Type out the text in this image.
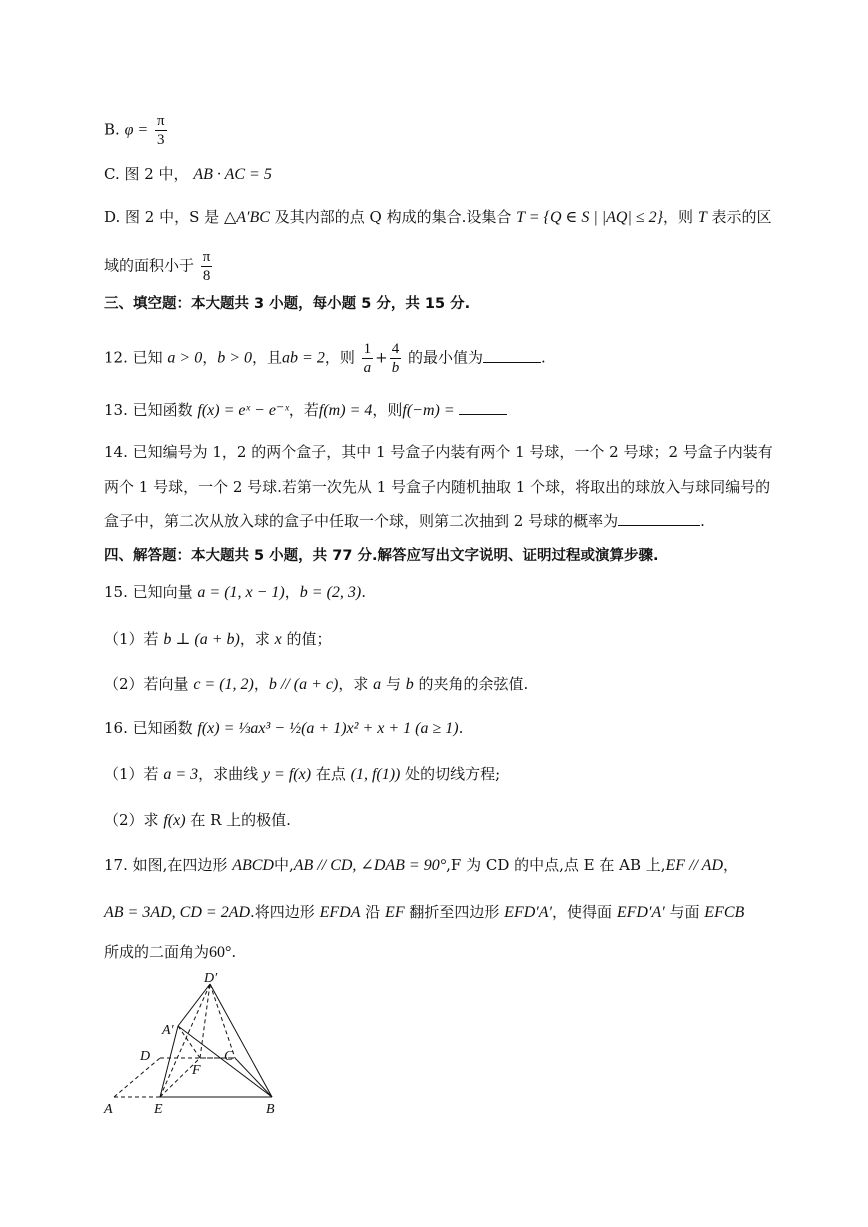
B. $\varphi = \frac{\pi}{3}$
C. 图 2 中， AB · AC = 5
D. 图 2 中，S 是 △A′BC 及其内部的点 Q 构成的集合.设集合 T = {Q ∈ S | |AQ| ≤ 2}，则 T 表示的区
域的面积小于 $\frac{\pi}{8}$
三、填空题：本大题共 3 小题，每小题 5 分，共 15 分.
12. 已知 a > 0，b > 0，且ab = 2，则 $\frac{1}{a} + \frac{4}{b}$ 的最小值为	.
13. 已知函数 f(x) = eˣ − e⁻ˣ，若f(m) = 4，则f(−m) =
14. 已知编号为 1，2 的两个盒子，其中 1 号盒子内装有两个 1 号球，一个 2 号球；2 号盒子内装有
两个 1 号球，一个 2 号球.若第一次先从 1 号盒子内随机抽取 1 个球，将取出的球放入与球同编号的
盒子中，第二次从放入球的盒子中任取一个球，则第二次抽到 2 号球的概率为	.
四、解答题：本大题共 5 小题，共 77 分.解答应写出文字说明、证明过程或演算步骤.
15. 已知向量 a = (1, x − 1)，b = (2, 3).
（1）若 b ⊥ (a + b)，求 x 的值；
（2）若向量 c = (1, 2)，b // (a + c)，求 a 与 b 的夹角的余弦值.
16. 已知函数 f(x) = ⅓ax³ − ½(a + 1)x² + x + 1 (a ≥ 1).
（1）若 a = 3，求曲线 y = f(x) 在点 (1, f(1)) 处的切线方程;
（2）求 f(x) 在 R 上的极值.
17. 如图,在四边形 ABCD中,AB // CD, ∠DAB = 90°,F 为 CD 的中点,点 E 在 AB 上,EF // AD，
AB = 3AD, CD = 2AD.将四边形 EFDA 沿 EF 翻折至四边形 EFD′A′，使得面 EFD′A′ 与面 EFCB
所成的二面角为60°.
A	E	B
D	C
F
A′
D′
